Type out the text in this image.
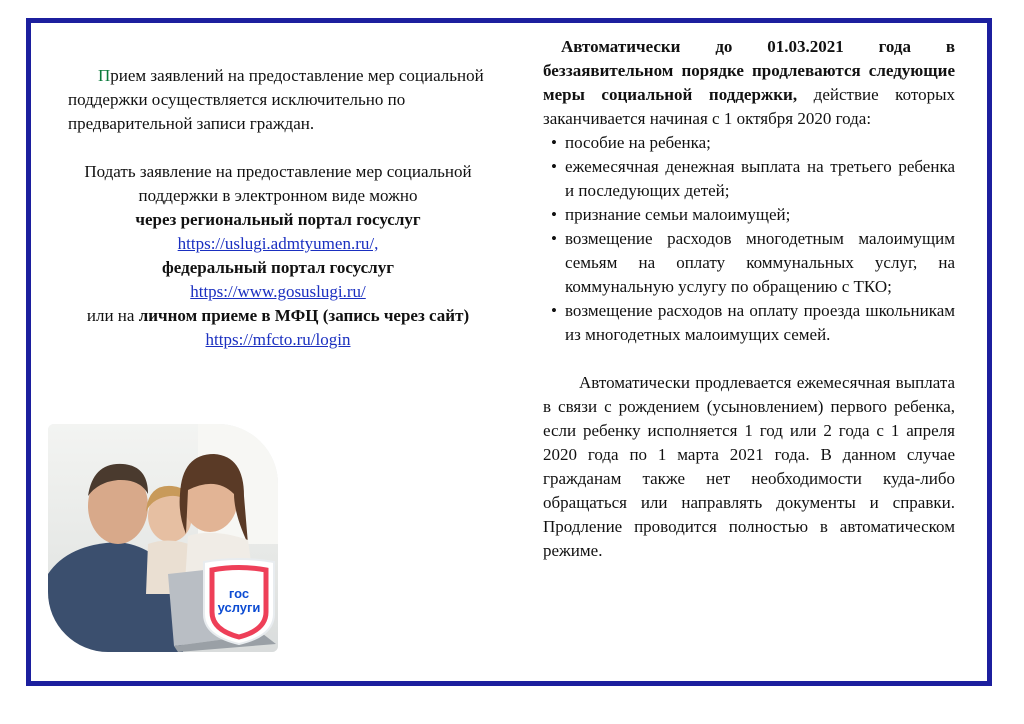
Прием заявлений на предоставление мер социальной поддержки осуществляется исключительно по предварительной записи граждан.

Подать заявление на предоставление мер социальной поддержки в электронном виде можно
через региональный портал госуслуг
https://uslugi.admtyumen.ru/,
федеральный портал госуслуг
https://www.gosuslugi.ru/
или на личном приеме в МФЦ (запись через сайт) https://mfcto.ru/login
гос
услуги

Автоматически до 01.03.2021 года в беззаявительном порядке продлеваются следующие меры социальной поддержки, действие которых заканчивается начиная с 1 октября 2020 года:

• пособие на ребенка;
• ежемесячная денежная выплата на третьего ребенка и последующих детей;
• признание семьи малоимущей;
• возмещение расходов многодетным малоимущим семьям на оплату коммунальных услуг, на коммунальную услугу по обращению с ТКО;
• возмещение расходов на оплату проезда школьникам из многодетных малоимущих семей.

Автоматически продлевается ежемесячная выплата в связи с рождением (усыновлением) первого ребенка, если ребенку исполняется 1 год или 2 года с 1 апреля 2020 года по 1 марта 2021 года. В данном случае гражданам также нет необходимости куда-либо обращаться или направлять документы и справки. Продление проводится полностью в автоматическом режиме.
